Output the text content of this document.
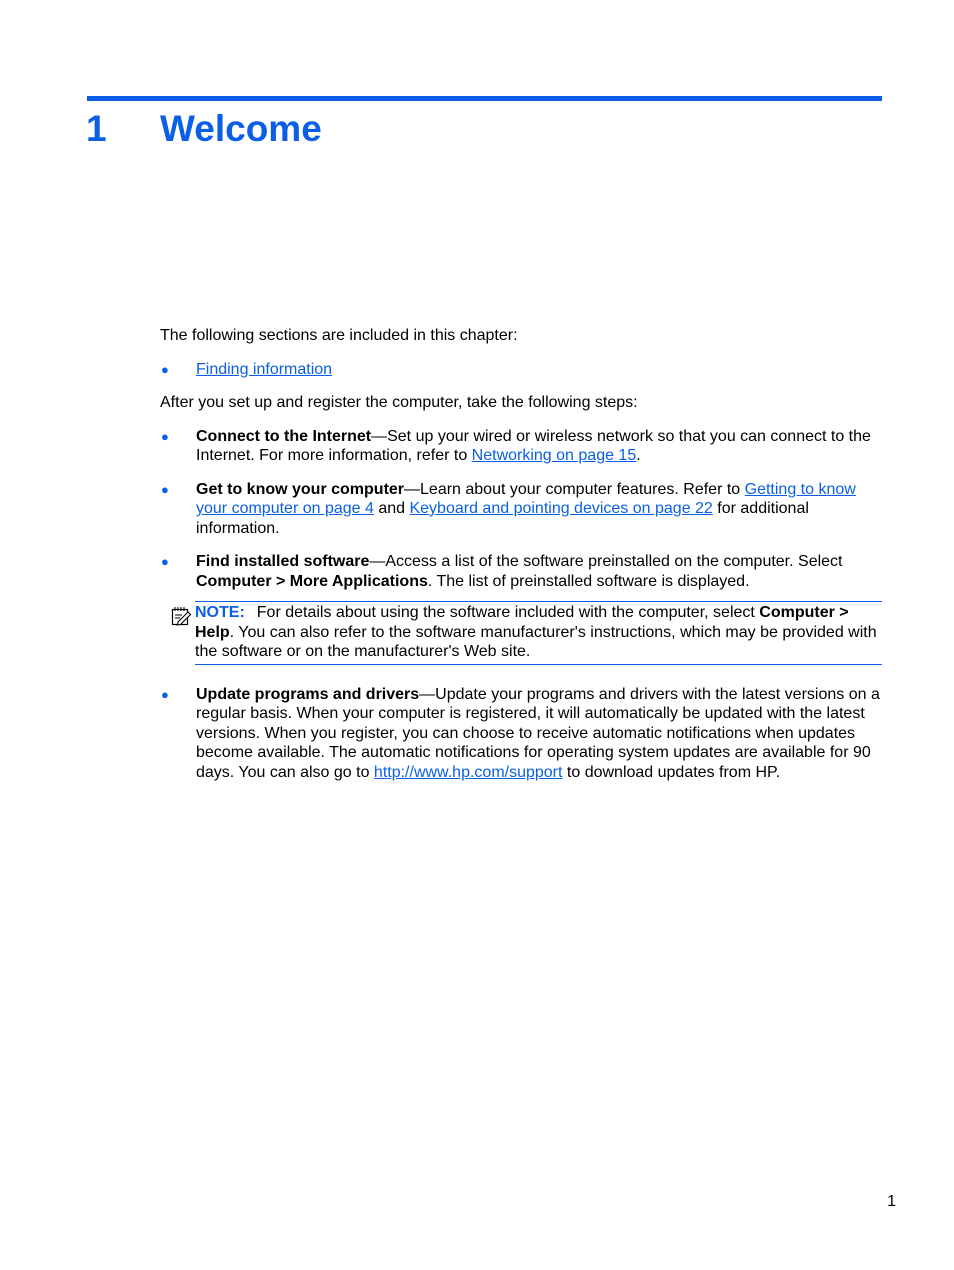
1 Welcome

The following sections are included in this chapter:

● Finding information

After you set up and register the computer, take the following steps:

● Connect to the Internet—Set up your wired or wireless network so that you can connect to the Internet. For more information, refer to Networking on page 15.
● Get to know your computer—Learn about your computer features. Refer to Getting to know your computer on page 4 and Keyboard and pointing devices on page 22 for additional information.
● Find installed software—Access a list of the software preinstalled on the computer. Select Computer > More Applications. The list of preinstalled software is displayed.
NOTE: For details about using the software included with the computer, select Computer > Help. You can also refer to the software manufacturer's instructions, which may be provided with the software or on the manufacturer's Web site.
● Update programs and drivers—Update your programs and drivers with the latest versions on a regular basis. When your computer is registered, it will automatically be updated with the latest versions. When you register, you can choose to receive automatic notifications when updates become available. The automatic notifications for operating system updates are available for 90 days. You can also go to http://www.hp.com/support to download updates from HP.
1
